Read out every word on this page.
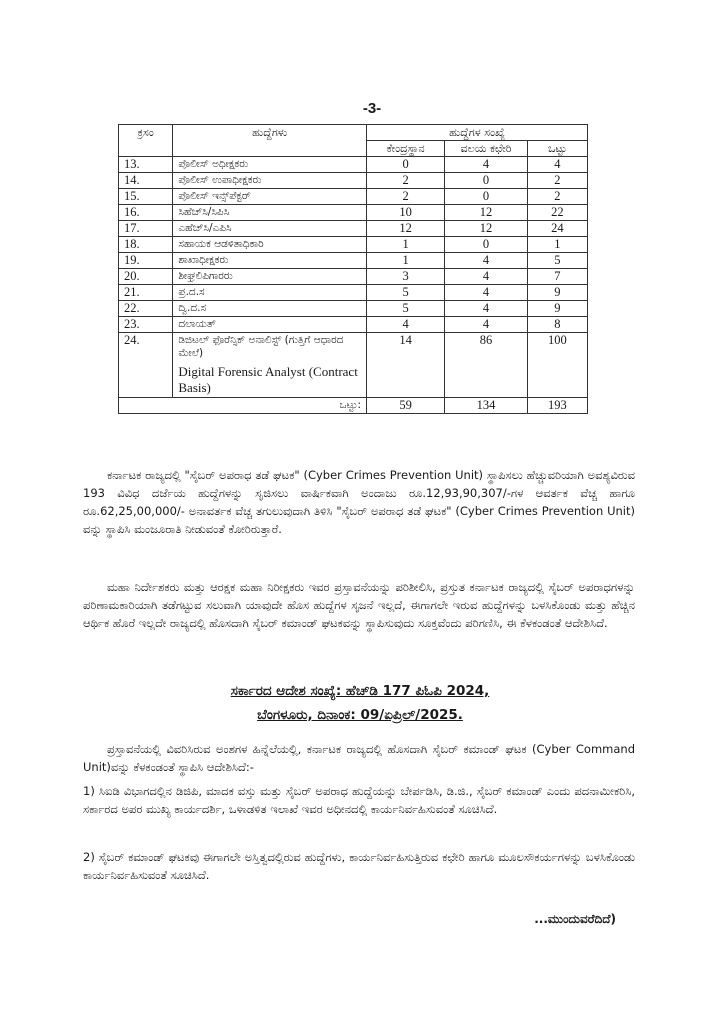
-3-
ಕ್ರಸಂ	ಹುದ್ದೆಗಳು	ಹುದ್ದೆಗಳ ಸಂಖ್ಯೆ		
		ಕೇಂದ್ರಸ್ಥಾನ	ವಲಯ ಕಛೇರಿ	ಒಟ್ಟು
13.	ಪೊಲೀಸ್ ಅಧೀಕ್ಷಕರು	0	4	4
14.	ಪೊಲೀಸ್ ಉಪಾಧೀಕ್ಷಕರು	2	0	2
15.	ಪೊಲೀಸ್ ಇನ್ಸ್‌ಪೆಕ್ಟರ್	2	0	2
16.	ಸಿಹೆಚ್‌ಸಿ/ಸಿಪಿಸಿ	10	12	22
17.	ಎಹೆಚ್‌ಸಿ/ಎಪಿಸಿ	12	12	24
18.	ಸಹಾಯಕ ಆಡಳಿತಾಧಿಕಾರಿ	1	0	1
19.	ಶಾಖಾಧೀಕ್ಷಕರು	1	4	5
20.	ಶೀಘ್ರಲಿಪಿಗಾರರು	3	4	7
21.	ಪ್ರ.ದ.ಸ	5	4	9
22.	ದ್ವಿ.ದ.ಸ	5	4	9
23.	ದಲಾಯತ್	4	4	8
24.	ಡಿಜಿಟಲ್ ಫೊರೆನ್ಸಿಕ್ ಅನಾಲಿಸ್ಟ್ (ಗುತ್ತಿಗೆ ಆಧಾರದ ಮೇಲೆ)
Digital Forensic Analyst (Contract Basis)	14	86	100
ಒಟ್ಟು:		59	134	193
ಕರ್ನಾಟಕ ರಾಜ್ಯದಲ್ಲಿ "ಸೈಬರ್ ಅಪರಾಧ ತಡೆ ಘಟಕ" (Cyber Crimes Prevention Unit) ಸ್ಥಾಪಿಸಲು ಹೆಚ್ಚುವರಿಯಾಗಿ ಅವಶ್ಯವಿರುವ 193 ವಿವಿಧ ದರ್ಜೆಯ ಹುದ್ದೆಗಳನ್ನು ಸೃಜಿಸಲು ವಾರ್ಷಿಕವಾಗಿ ಅಂದಾಜು ರೂ.12,93,90,307/-ಗಳ ಆವರ್ತಕ ವೆಚ್ಚ ಹಾಗೂ ರೂ.62,25,00,000/- ಅನಾವರ್ತಕ ವೆಚ್ಚ ತಗುಲುವುದಾಗಿ ತಿಳಿಸಿ "ಸೈಬರ್ ಅಪರಾಧ ತಡೆ ಘಟಕ" (Cyber Crimes Prevention Unit) ವನ್ನು ಸ್ಥಾಪಿಸಿ ಮಂಜೂರಾತಿ ನೀಡುವಂತೆ ಕೋರಿರುತ್ತಾರೆ.
ಮಹಾ ನಿರ್ದೇಶಕರು ಮತ್ತು ಆರಕ್ಷಕ ಮಹಾ ನಿರೀಕ್ಷಕರು ಇವರ ಪ್ರಸ್ತಾವನೆಯನ್ನು ಪರಿಶೀಲಿಸಿ, ಪ್ರಸ್ತುತ ಕರ್ನಾಟಕ ರಾಜ್ಯದಲ್ಲಿ ಸೈಬರ್ ಅಪರಾಧಗಳನ್ನು ಪರಿಣಾಮಕಾರಿಯಾಗಿ ತಡೆಗಟ್ಟುವ ಸಲುವಾಗಿ ಯಾವುದೇ ಹೊಸ ಹುದ್ದೆಗಳ ಸೃಜನೆ ಇಲ್ಲದೆ, ಈಗಾಗಲೇ ಇರುವ ಹುದ್ದೆಗಳನ್ನು ಬಳಸಿಕೊಂಡು ಮತ್ತು ಹೆಚ್ಚಿನ ಆರ್ಥಿಕ ಹೊರೆ ಇಲ್ಲದೇ ರಾಜ್ಯದಲ್ಲಿ ಹೊಸದಾಗಿ ಸೈಬರ್ ಕಮಾಂಡ್ ಘಟಕವನ್ನು ಸ್ಥಾಪಿಸುವುದು ಸೂಕ್ತವೆಂದು ಪರಿಗಣಿಸಿ, ಈ ಕೆಳಕಂಡಂತೆ ಆದೇಶಿಸಿದೆ.
ಸರ್ಕಾರದ ಆದೇಶ ಸಂಖ್ಯೆ: ಹೆಚ್‌ಡಿ 177 ಪಿಓಪಿ 2024,
ಬೆಂಗಳೂರು, ದಿನಾಂಕ: 09/ಏಪ್ರಿಲ್/2025.
ಪ್ರಸ್ತಾವನೆಯಲ್ಲಿ ವಿವರಿಸಿರುವ ಅಂಶಗಳ ಹಿನ್ನೆಲೆಯಲ್ಲಿ, ಕರ್ನಾಟಕ ರಾಜ್ಯದಲ್ಲಿ ಹೊಸದಾಗಿ ಸೈಬರ್ ಕಮಾಂಡ್ ಘಟಕ (Cyber Command Unit)ವನ್ನು ಕೆಳಕಂಡಂತೆ ಸ್ಥಾಪಿಸಿ ಆದೇಶಿಸಿದೆ:-
1) ಸಿಐಡಿ ವಿಭಾಗದಲ್ಲಿನ ಡಿಜಿಪಿ, ಮಾದಕ ವಸ್ತು ಮತ್ತು ಸೈಬರ್ ಅಪರಾಧ ಹುದ್ದೆಯನ್ನು ಬೇರ್ಪಡಿಸಿ, ಡಿ.ಜಿ., ಸೈಬರ್ ಕಮಾಂಡ್ ಎಂದು ಪದನಾಮೀಕರಿಸಿ, ಸರ್ಕಾರದ ಅಪರ ಮುಖ್ಯ ಕಾರ್ಯದರ್ಶಿ, ಒಳಾಡಳಿತ ಇಲಾಖೆ ಇವರ ಅಧೀನದಲ್ಲಿ ಕಾರ್ಯನಿರ್ವಹಿಸುವಂತೆ ಸೂಚಿಸಿದೆ.
2) ಸೈಬರ್ ಕಮಾಂಡ್ ಘಟಕವು ಈಗಾಗಲೇ ಅಸ್ತಿತ್ವದಲ್ಲಿರುವ ಹುದ್ದೆಗಳು, ಕಾರ್ಯನಿರ್ವಹಿಸುತ್ತಿರುವ ಕಛೇರಿ ಹಾಗೂ ಮೂಲಸೌಕರ್ಯಗಳನ್ನು ಬಳಸಿಕೊಂಡು ಕಾರ್ಯನಿರ್ವಹಿಸುವಂತೆ ಸೂಚಿಸಿದೆ.
...ಮುಂದುವರೆದಿದೆ)
